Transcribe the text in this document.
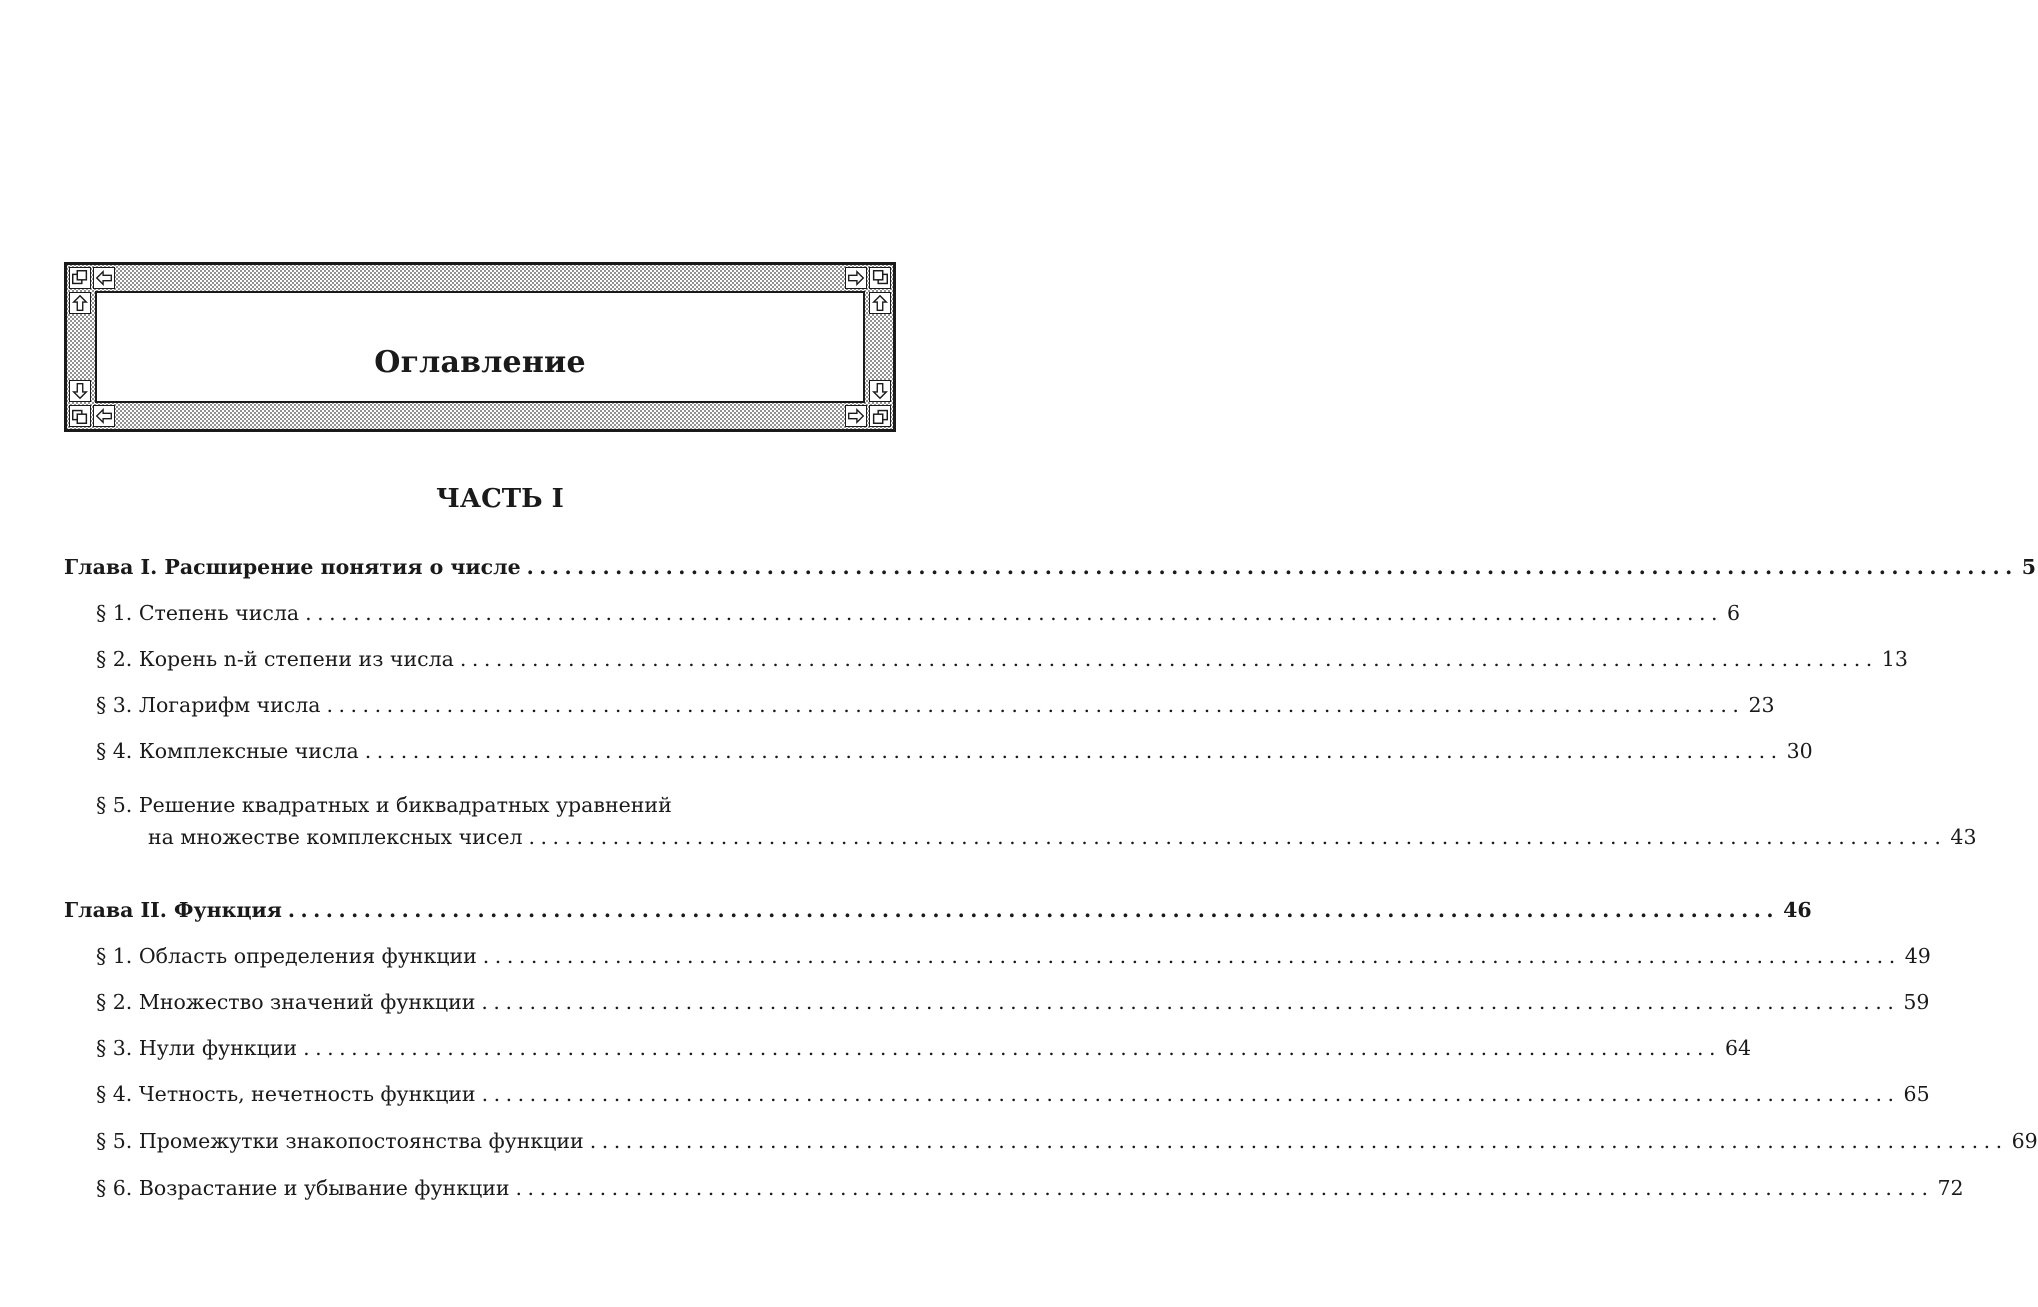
Оглавление
ЧАСТЬ I
Глава I. Расширение понятия о числе ...................................................................................................................... 5
§ 1. Степень числа ...................................................................................................................... 6
§ 2. Корень n-й степени из числа ...................................................................................................................... 13
§ 3. Логарифм числа ...................................................................................................................... 23
§ 4. Комплексные числа ...................................................................................................................... 30
§ 5. Решение квадратных и биквадратных уравнений
на множестве комплексных чисел ...................................................................................................................... 43
Глава II. Функция ...................................................................................................................... 46
§ 1. Область определения функции ...................................................................................................................... 49
§ 2. Множество значений функции ...................................................................................................................... 59
§ 3. Нули функции ...................................................................................................................... 64
§ 4. Четность, нечетность функции ...................................................................................................................... 65
§ 5. Промежутки знакопостоянства функции ...................................................................................................................... 69
§ 6. Возрастание и убывание функции ...................................................................................................................... 72
